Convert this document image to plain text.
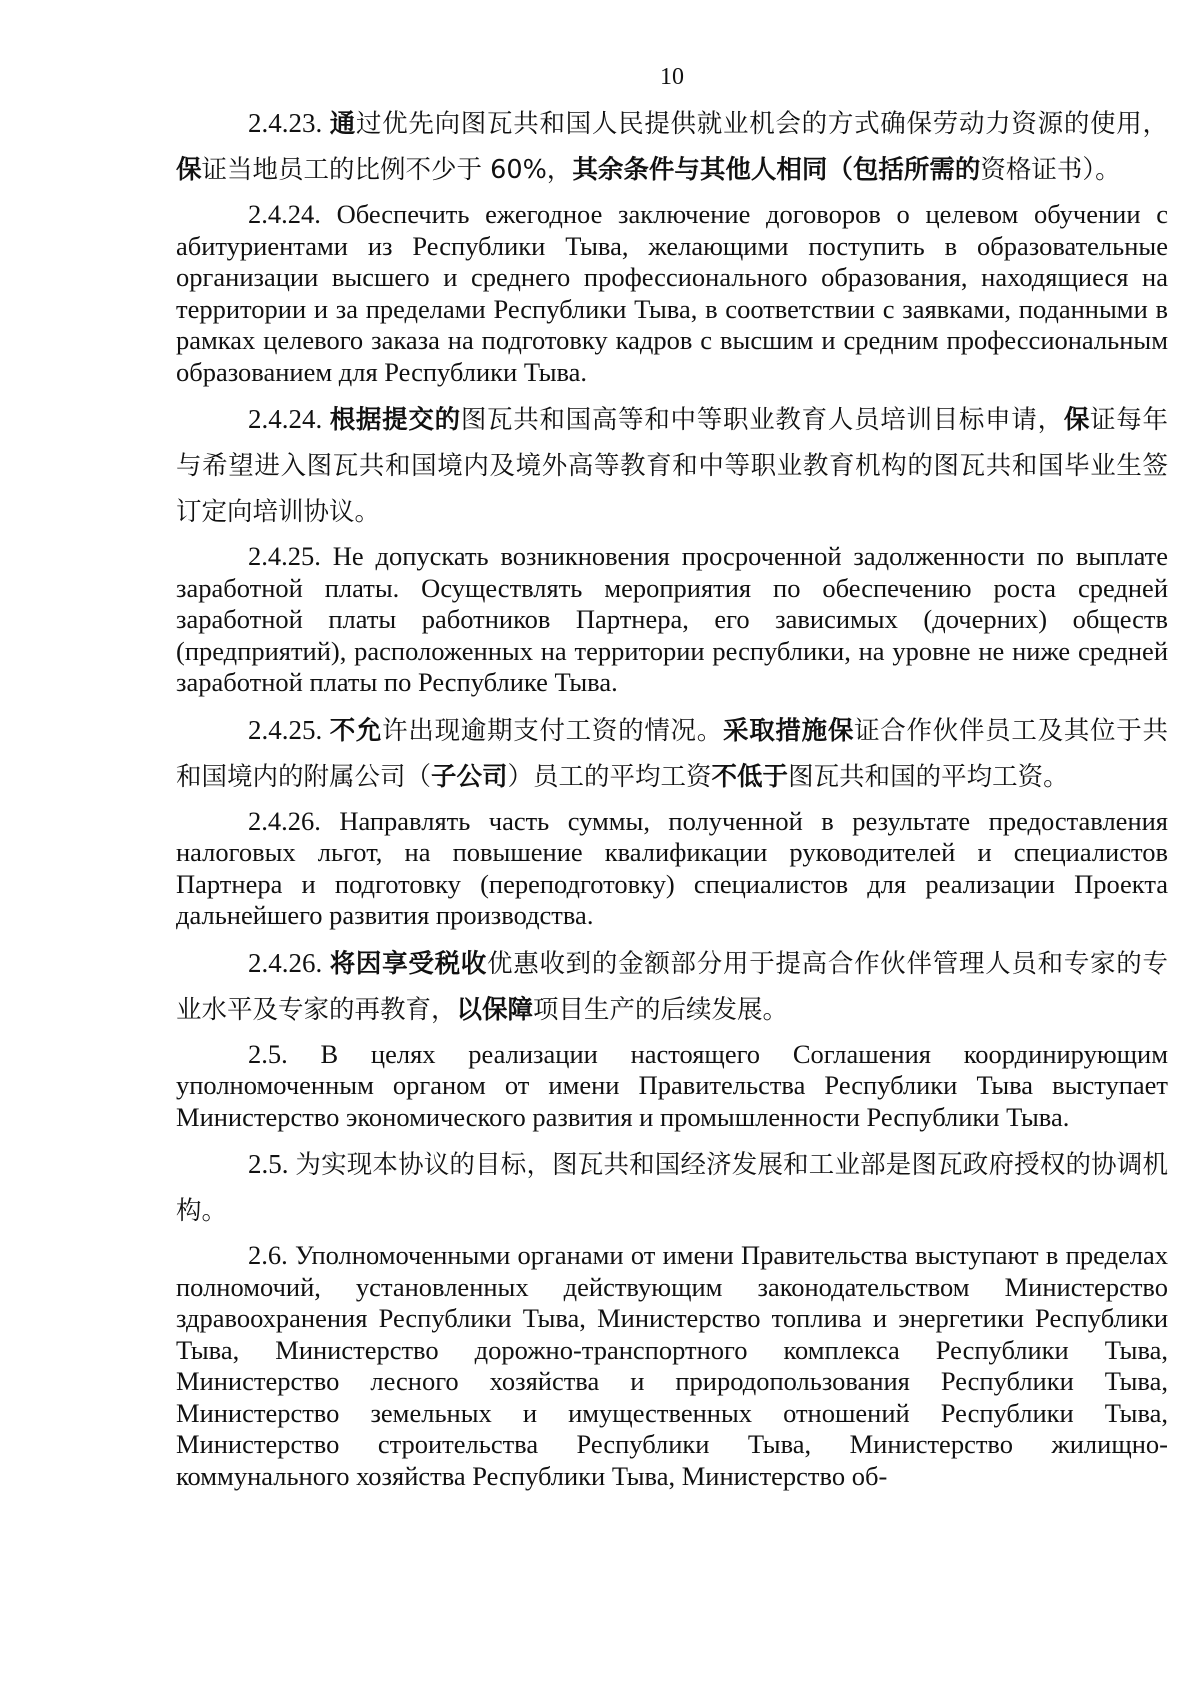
10

2.4.23. 通过优先向图瓦共和国人民提供就业机会的方式确保劳动力资源的使用，保证当地员工的比例不少于 60%，其余条件与其他人相同（包括所需的资格证书）。

2.4.24. Обеспечить ежегодное заключение договоров о целевом обучении с абитуриентами из Республики Тыва, желающими поступить в образовательные организации высшего и среднего профессионального образования, находящиеся на территории и за пределами Республики Тыва, в соответствии с заявками, поданными в рамках целевого заказа на подготовку кадров с высшим и средним профессиональным образованием для Республики Тыва.

2.4.24. 根据提交的图瓦共和国高等和中等职业教育人员培训目标申请，保证每年与希望进入图瓦共和国境内及境外高等教育和中等职业教育机构的图瓦共和国毕业生签订定向培训协议。

2.4.25. Не допускать возникновения просроченной задолженности по выплате заработной платы. Осуществлять мероприятия по обеспечению роста средней заработной платы работников Партнера, его зависимых (дочерних) обществ (предприятий), расположенных на территории республики, на уровне не ниже средней заработной платы по Республике Тыва.

2.4.25. 不允许出现逾期支付工资的情况。采取措施保证合作伙伴员工及其位于共和国境内的附属公司（子公司）员工的平均工资不低于图瓦共和国的平均工资。

2.4.26. Направлять часть суммы, полученной в результате предоставления налоговых льгот, на повышение квалификации руководителей и специалистов Партнера и подготовку (переподготовку) специалистов для реализации Проекта дальнейшего развития производства.

2.4.26. 将因享受税收优惠收到的金额部分用于提高合作伙伴管理人员和专家的专业水平及专家的再教育，以保障项目生产的后续发展。

2.5. В целях реализации настоящего Соглашения координирующим уполномоченным органом от имени Правительства Республики Тыва выступает Министерство экономического развития и промышленности Республики Тыва.

2.5. 为实现本协议的目标，图瓦共和国经济发展和工业部是图瓦政府授权的协调机构。

2.6. Уполномоченными органами от имени Правительства выступают в пределах полномочий, установленных действующим законодательством Министерство здравоохранения Республики Тыва, Министерство топлива и энергетики Республики Тыва, Министерство дорожно-транспортного комплекса Республики Тыва, Министерство лесного хозяйства и природопользования Республики Тыва, Министерство земельных и имущественных отношений Республики Тыва, Министерство строительства Республики Тыва, Министерство жилищно-коммунального хозяйства Республики Тыва, Министерство об-
